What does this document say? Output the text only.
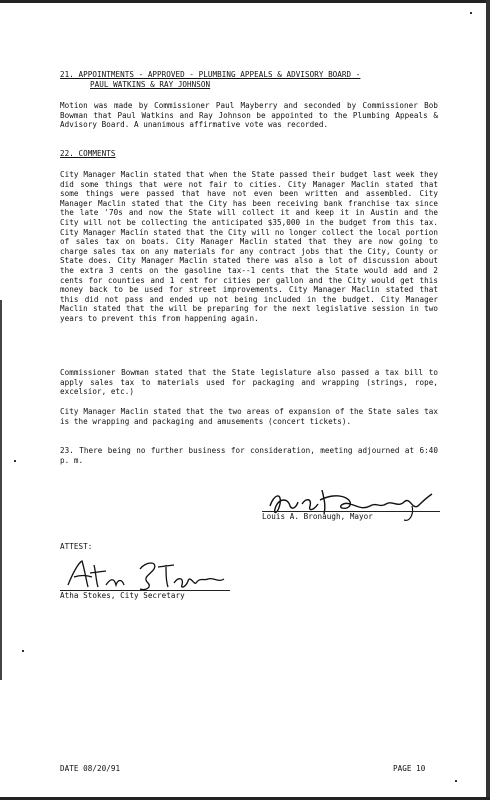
21. APPOINTMENTS - APPROVED - PLUMBING APPEALS & ADVISORY BOARD -
PAUL WATKINS & RAY JOHNSON
Motion was made by Commissioner Paul Mayberry and seconded by Commissioner Bob Bowman that Paul Watkins and Ray Johnson be appointed to the Plumbing Appeals & Advisory Board. A unanimous affirmative vote was recorded.
22. COMMENTS
City Manager Maclin stated that when the State passed their budget last week they did some things that were not fair to cities. City Manager Maclin stated that some things were passed that have not even been written and assembled. City Manager Maclin stated that the City has been receiving bank franchise tax since the late '70s and now the State will collect it and keep it in Austin and the City will not be collecting the anticipated $35,000 in the budget from this tax. City Manager Maclin stated that the City will no longer collect the local portion of sales tax on boats. City Manager Maclin stated that they are now going to charge sales tax on any materials for any contract jobs that the City, County or State does. City Manager Maclin stated there was also a lot of discussion about the extra 3 cents on the gasoline tax--1 cents that the State would add and 2 cents for counties and 1 cent for cities per gallon and the City would get this money back to be used for street improvements. City Manager Maclin stated that this did not pass and ended up not being included in the budget. City Manager Maclin stated that the will be preparing for the next legislative session in two years to prevent this from happening again.
Commissioner Bowman stated that the State legislature also passed a tax bill to apply sales tax to materials used for packaging and wrapping (strings, rope, excelsior, etc.)
City Manager Maclin stated that the two areas of expansion of the State sales tax is the wrapping and packaging and amusements (concert tickets).
23. There being no further business for consideration, meeting adjourned at 6:40 p. m.
Louis A. Bronaugh, Mayor
ATTEST:
Atha Stokes, City Secretary
DATE 08/20/91	PAGE 10
